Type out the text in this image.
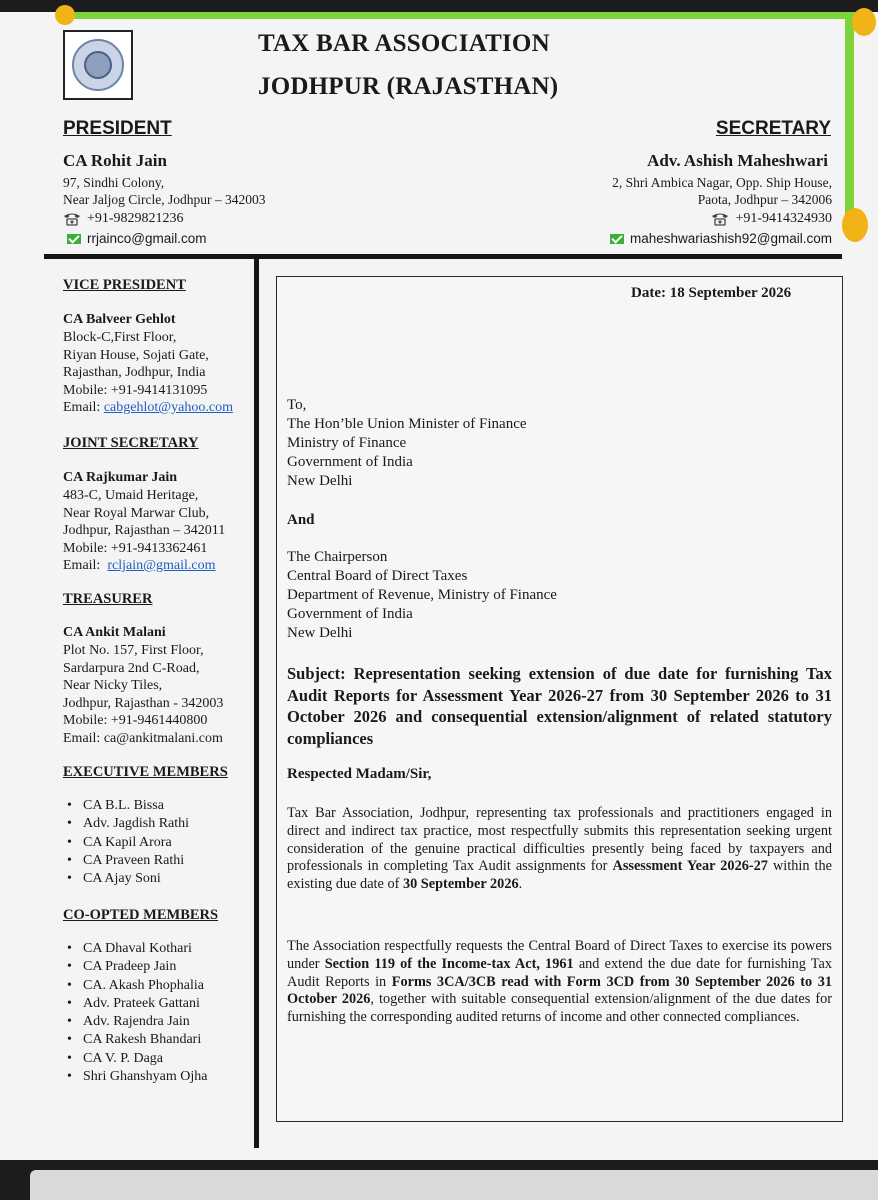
TAX BAR ASSOCIATION
JODHPUR (RAJASTHAN)
PRESIDENT
CA Rohit Jain
97, Sindhi Colony,
Near Jaljog Circle, Jodhpur – 342003
+91-9829821236
rrjainco@gmail.com
SECRETARY
Adv. Ashish Maheshwari
2, Shri Ambica Nagar, Opp. Ship House,
Paota, Jodhpur – 342006
+91-9414324930
maheshwariashish92@gmail.com
VICE PRESIDENT
CA Balveer Gehlot
Block-C,First Floor,
Riyan House, Sojati Gate,
Rajasthan, Jodhpur, India
Mobile: +91-9414131095
Email: cabgehlot@yahoo.com
JOINT SECRETARY
CA Rajkumar Jain
483-C, Umaid Heritage,
Near Royal Marwar Club,
Jodhpur, Rajasthan – 342011
Mobile: +91-9413362461
Email: rcljain@gmail.com
TREASURER
CA Ankit Malani
Plot No. 157, First Floor,
Sardarpura 2nd C-Road,
Near Nicky Tiles,
Jodhpur, Rajasthan - 342003
Mobile: +91-9461440800
Email: ca@ankitmalani.com
EXECUTIVE MEMBERS
• CA B.L. Bissa
• Adv. Jagdish Rathi
• CA Kapil Arora
• CA Praveen Rathi
• CA Ajay Soni
CO-OPTED MEMBERS
• CA Dhaval Kothari
• CA Pradeep Jain
• CA. Akash Phophalia
• Adv. Prateek Gattani
• Adv. Rajendra Jain
• CA Rakesh Bhandari
• CA V. P. Daga
• Shri Ghanshyam Ojha
Date: 18 September 2026
To,
The Hon’ble Union Minister of Finance
Ministry of Finance
Government of India
New Delhi
And
The Chairperson
Central Board of Direct Taxes
Department of Revenue, Ministry of Finance
Government of India
New Delhi
Subject: Representation seeking extension of due date for furnishing Tax Audit Reports for Assessment Year 2026-27 from 30 September 2026 to 31 October 2026 and consequential extension/alignment of related statutory compliances
Respected Madam/Sir,
Tax Bar Association, Jodhpur, representing tax professionals and practitioners engaged in direct and indirect tax practice, most respectfully submits this representation seeking urgent consideration of the genuine practical difficulties presently being faced by taxpayers and professionals in completing Tax Audit assignments for Assessment Year 2026-27 within the existing due date of 30 September 2026.
The Association respectfully requests the Central Board of Direct Taxes to exercise its powers under Section 119 of the Income-tax Act, 1961 and extend the due date for furnishing Tax Audit Reports in Forms 3CA/3CB read with Form 3CD from 30 September 2026 to 31 October 2026, together with suitable consequential extension/alignment of the due dates for furnishing the corresponding audited returns of income and other connected compliances.
